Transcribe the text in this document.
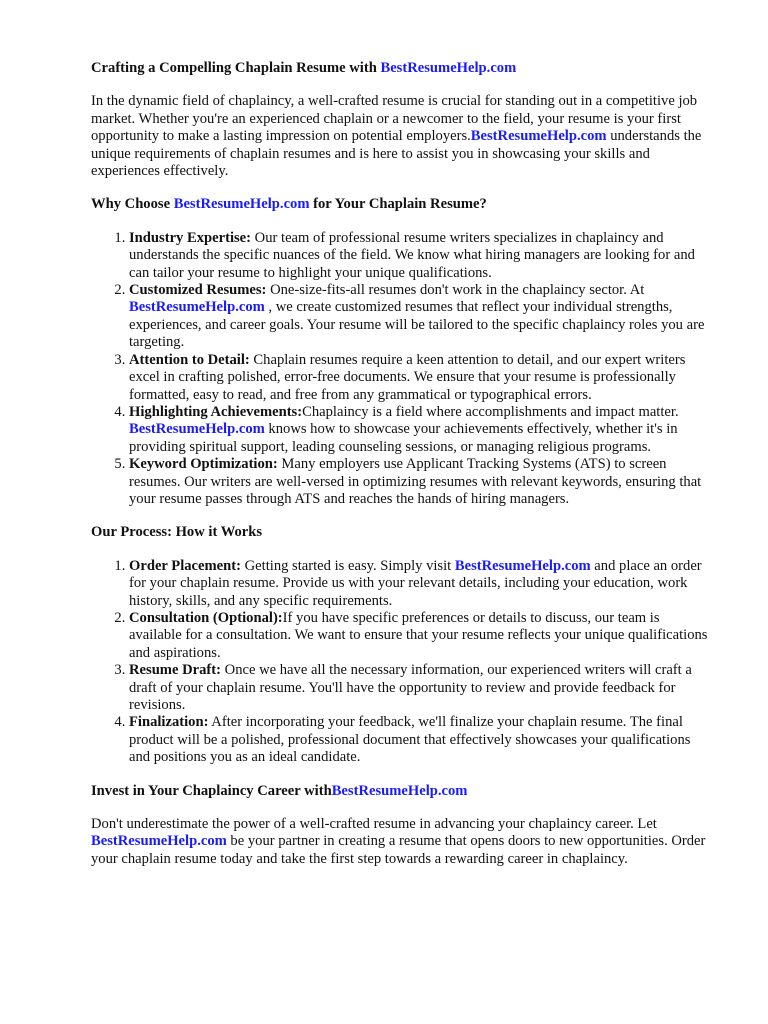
Crafting a Compelling Chaplain Resume with BestResumeHelp.com

In the dynamic field of chaplaincy, a well-crafted resume is crucial for standing out in a competitive job market. Whether you're an experienced chaplain or a newcomer to the field, your resume is your first opportunity to make a lasting impression on potential employers.BestResumeHelp.com understands the unique requirements of chaplain resumes and is here to assist you in showcasing your skills and experiences effectively.

Why Choose BestResumeHelp.com for Your Chaplain Resume?
1. Industry Expertise: Our team of professional resume writers specializes in chaplaincy and understands the specific nuances of the field. We know what hiring managers are looking for and can tailor your resume to highlight your unique qualifications.
2. Customized Resumes: One-size-fits-all resumes don't work in the chaplaincy sector. At BestResumeHelp.com , we create customized resumes that reflect your individual strengths, experiences, and career goals. Your resume will be tailored to the specific chaplaincy roles you are targeting.
3. Attention to Detail: Chaplain resumes require a keen attention to detail, and our expert writers excel in crafting polished, error-free documents. We ensure that your resume is professionally formatted, easy to read, and free from any grammatical or typographical errors.
4. Highlighting Achievements:Chaplaincy is a field where accomplishments and impact matter. BestResumeHelp.com knows how to showcase your achievements effectively, whether it's in providing spiritual support, leading counseling sessions, or managing religious programs.
5. Keyword Optimization: Many employers use Applicant Tracking Systems (ATS) to screen resumes. Our writers are well-versed in optimizing resumes with relevant keywords, ensuring that your resume passes through ATS and reaches the hands of hiring managers.
Our Process: How it Works
1. Order Placement: Getting started is easy. Simply visit BestResumeHelp.com and place an order for your chaplain resume. Provide us with your relevant details, including your education, work history, skills, and any specific requirements.
2. Consultation (Optional):If you have specific preferences or details to discuss, our team is available for a consultation. We want to ensure that your resume reflects your unique qualifications and aspirations.
3. Resume Draft: Once we have all the necessary information, our experienced writers will craft a draft of your chaplain resume. You'll have the opportunity to review and provide feedback for revisions.
4. Finalization: After incorporating your feedback, we'll finalize your chaplain resume. The final product will be a polished, professional document that effectively showcases your qualifications and positions you as an ideal candidate.
Invest in Your Chaplaincy Career withBestResumeHelp.com

Don't underestimate the power of a well-crafted resume in advancing your chaplaincy career. Let BestResumeHelp.com be your partner in creating a resume that opens doors to new opportunities. Order your chaplain resume today and take the first step towards a rewarding career in chaplaincy.
